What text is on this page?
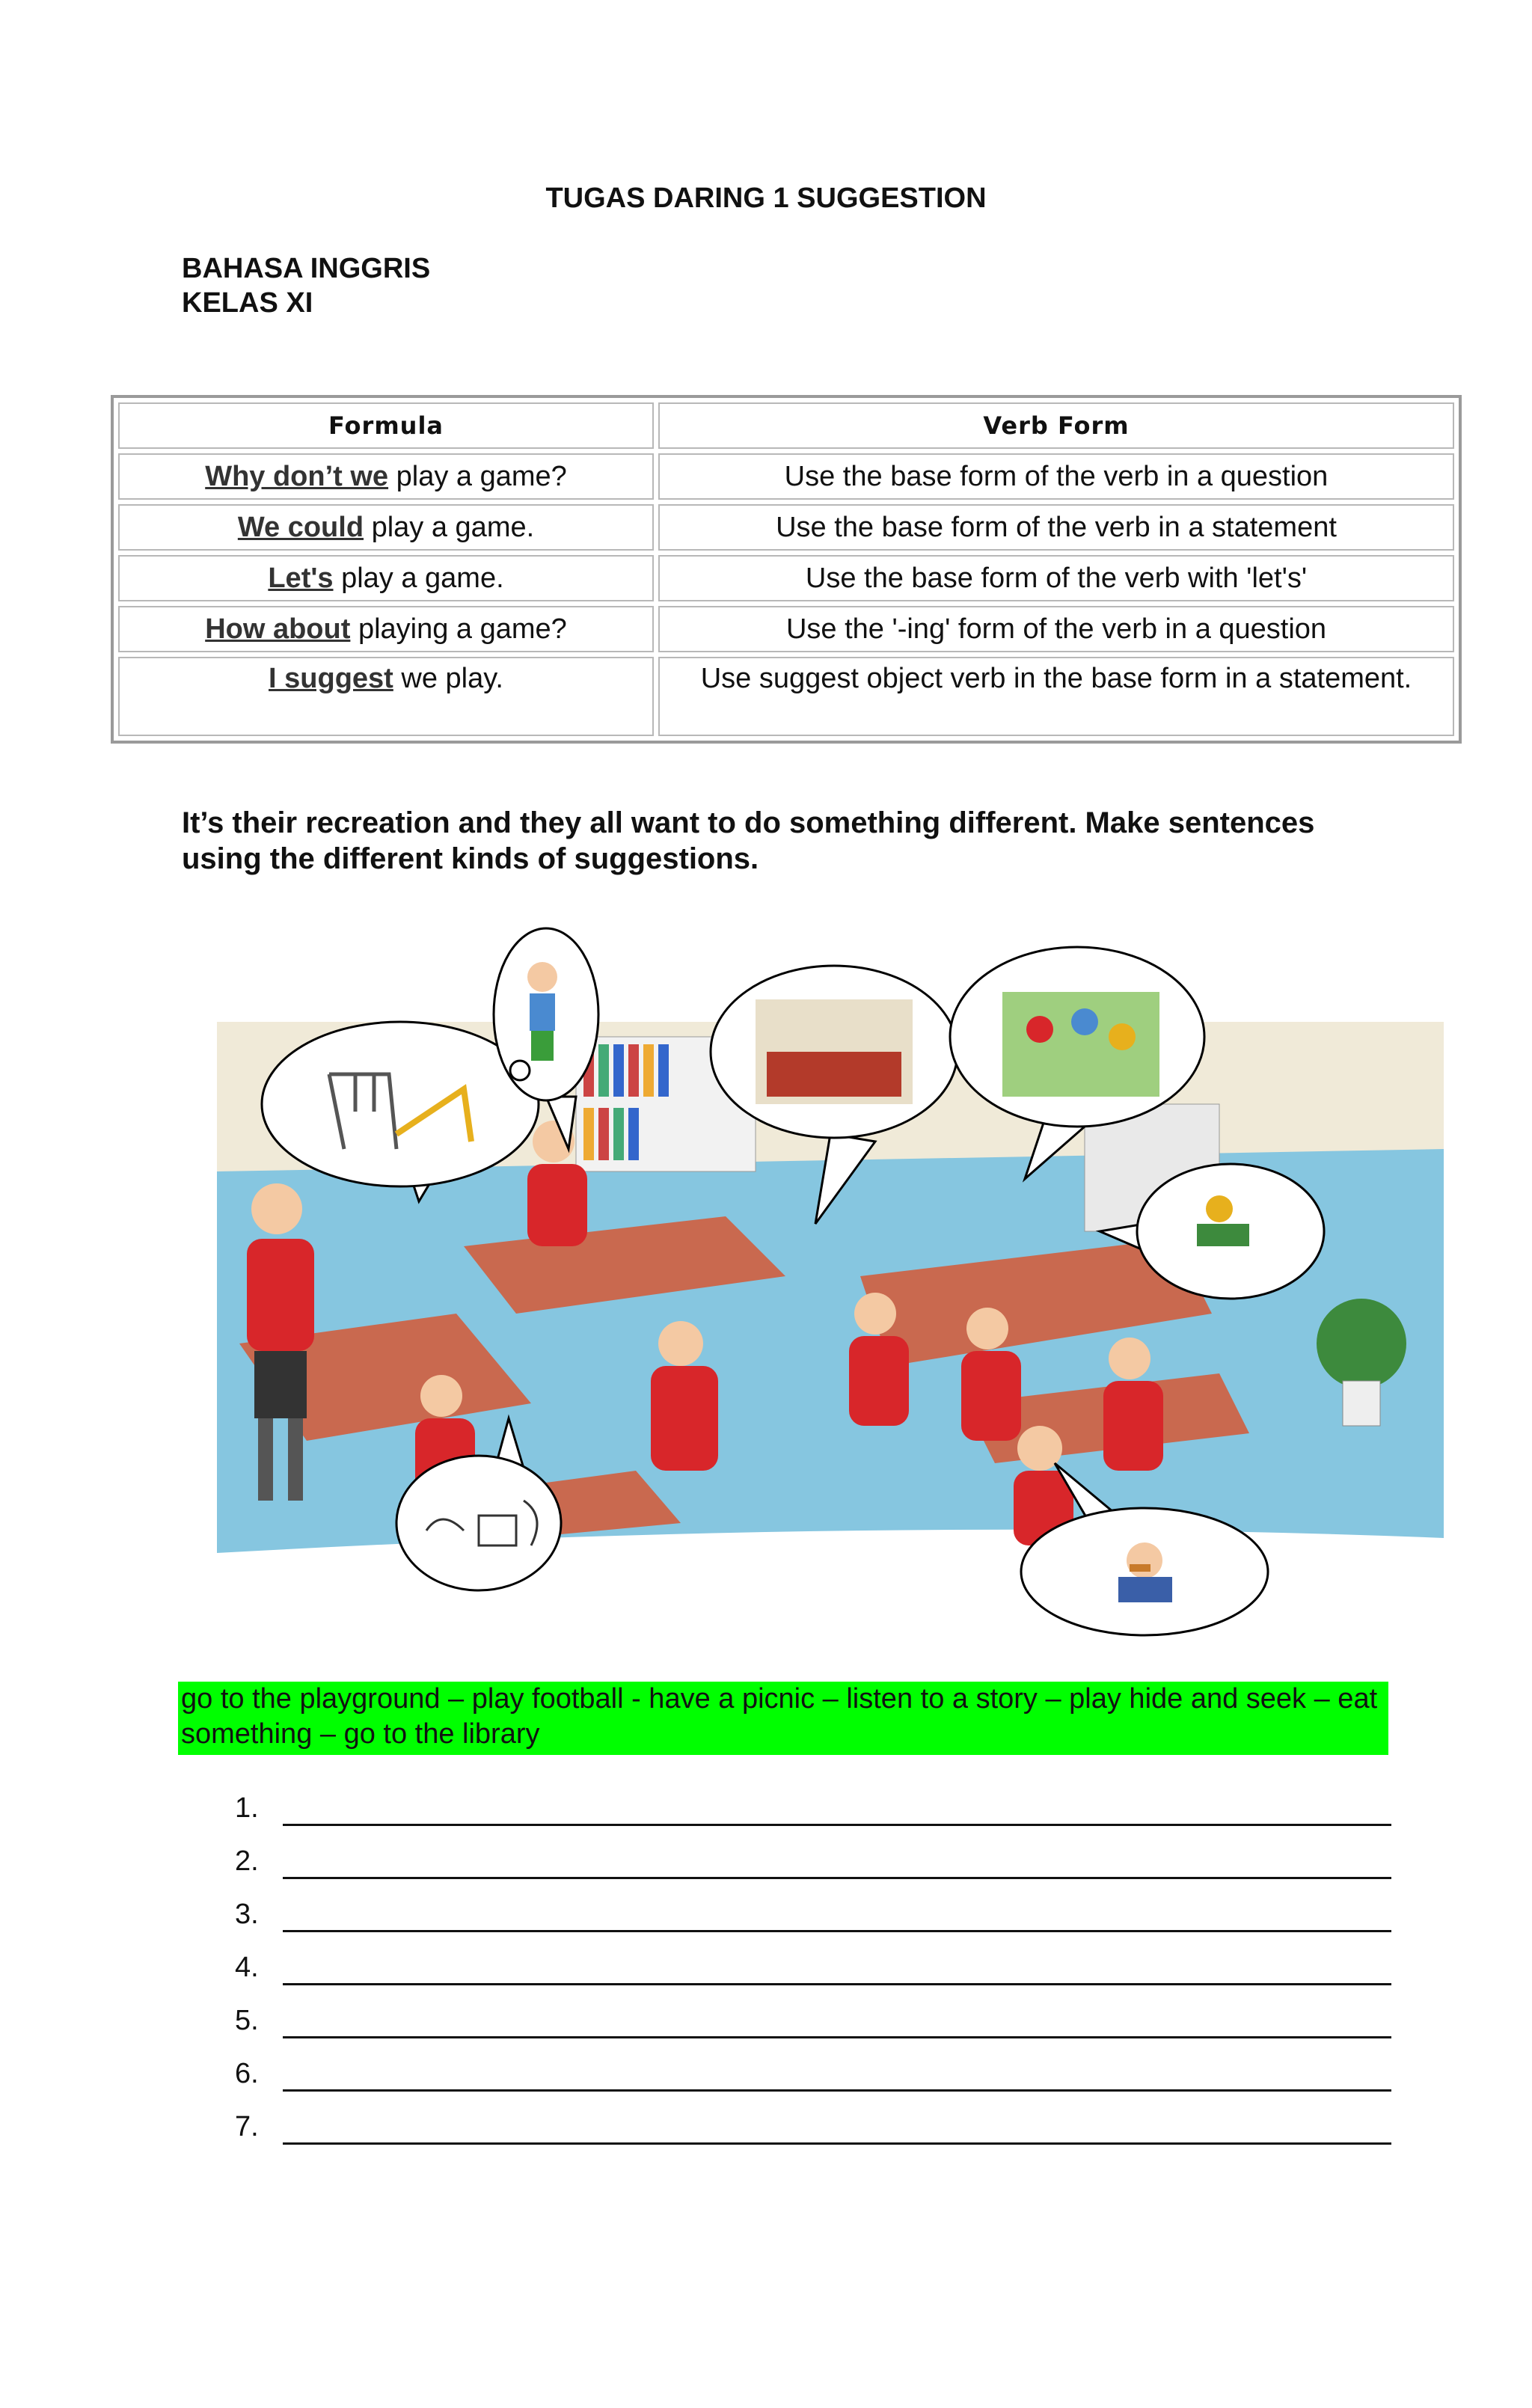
TUGAS DARING 1 SUGGESTION
BAHASA INGGRIS
KELAS XI
Formula	Verb Form
Why don’t we play a game?	Use the base form of the verb in a question
We could play a game.	Use the base form of the verb in a statement
Let's play a game.	Use the base form of the verb with 'let's'
How about playing a game?	Use the '-ing' form of the verb in a question
I suggest we play.	Use suggest object verb in the base form in a statement.
It’s their recreation and they all want to do something different. Make sentences using the different kinds of suggestions.
go to the playground – play football - have a picnic – listen to a story – play hide and seek – eat something – go to the library
1.
2.
3.
4.
5.
6.
7.
